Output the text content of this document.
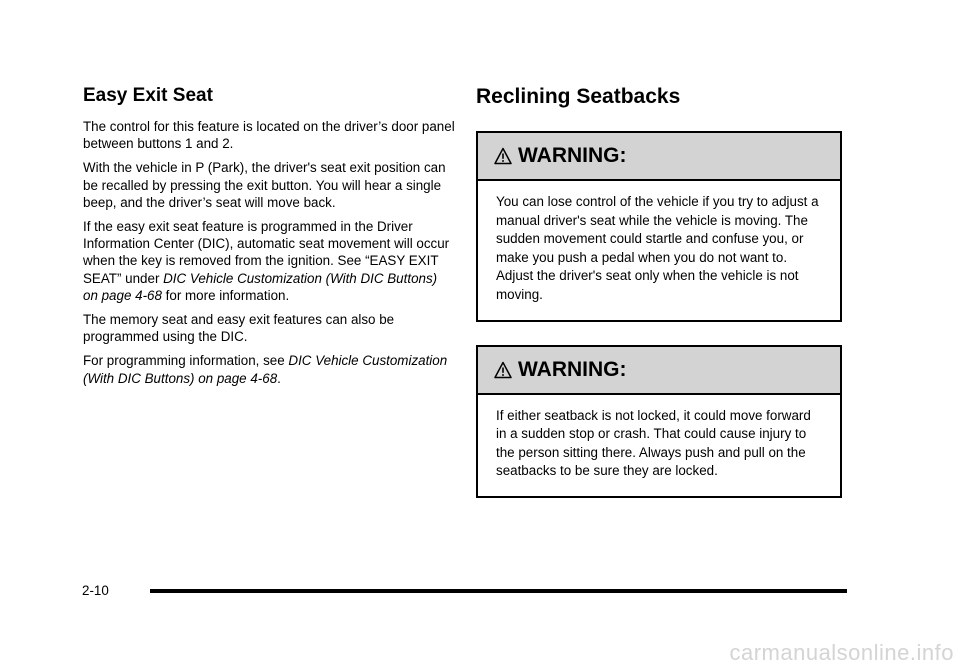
Easy Exit Seat

The control for this feature is located on the driver’s door panel between buttons 1 and 2.

With the vehicle in P (Park), the driver's seat exit position can be recalled by pressing the exit button. You will hear a single beep, and the driver’s seat will move back.

If the easy exit seat feature is programmed in the Driver Information Center (DIC), automatic seat movement will occur when the key is removed from the ignition. See “EASY EXIT SEAT” under DIC Vehicle Customization (With DIC Buttons) on page 4-68 for more information.

The memory seat and easy exit features can also be programmed using the DIC.

For programming information, see DIC Vehicle Customization (With DIC Buttons) on page 4-68.

Reclining Seatbacks
WARNING:
You can lose control of the vehicle if you try to adjust a manual driver's seat while the vehicle is moving. The sudden movement could startle and confuse you, or make you push a pedal when you do not want to. Adjust the driver's seat only when the vehicle is not moving.
WARNING:
If either seatback is not locked, it could move forward in a sudden stop or crash. That could cause injury to the person sitting there. Always push and pull on the seatbacks to be sure they are locked.
2-10
carmanualsonline.info
